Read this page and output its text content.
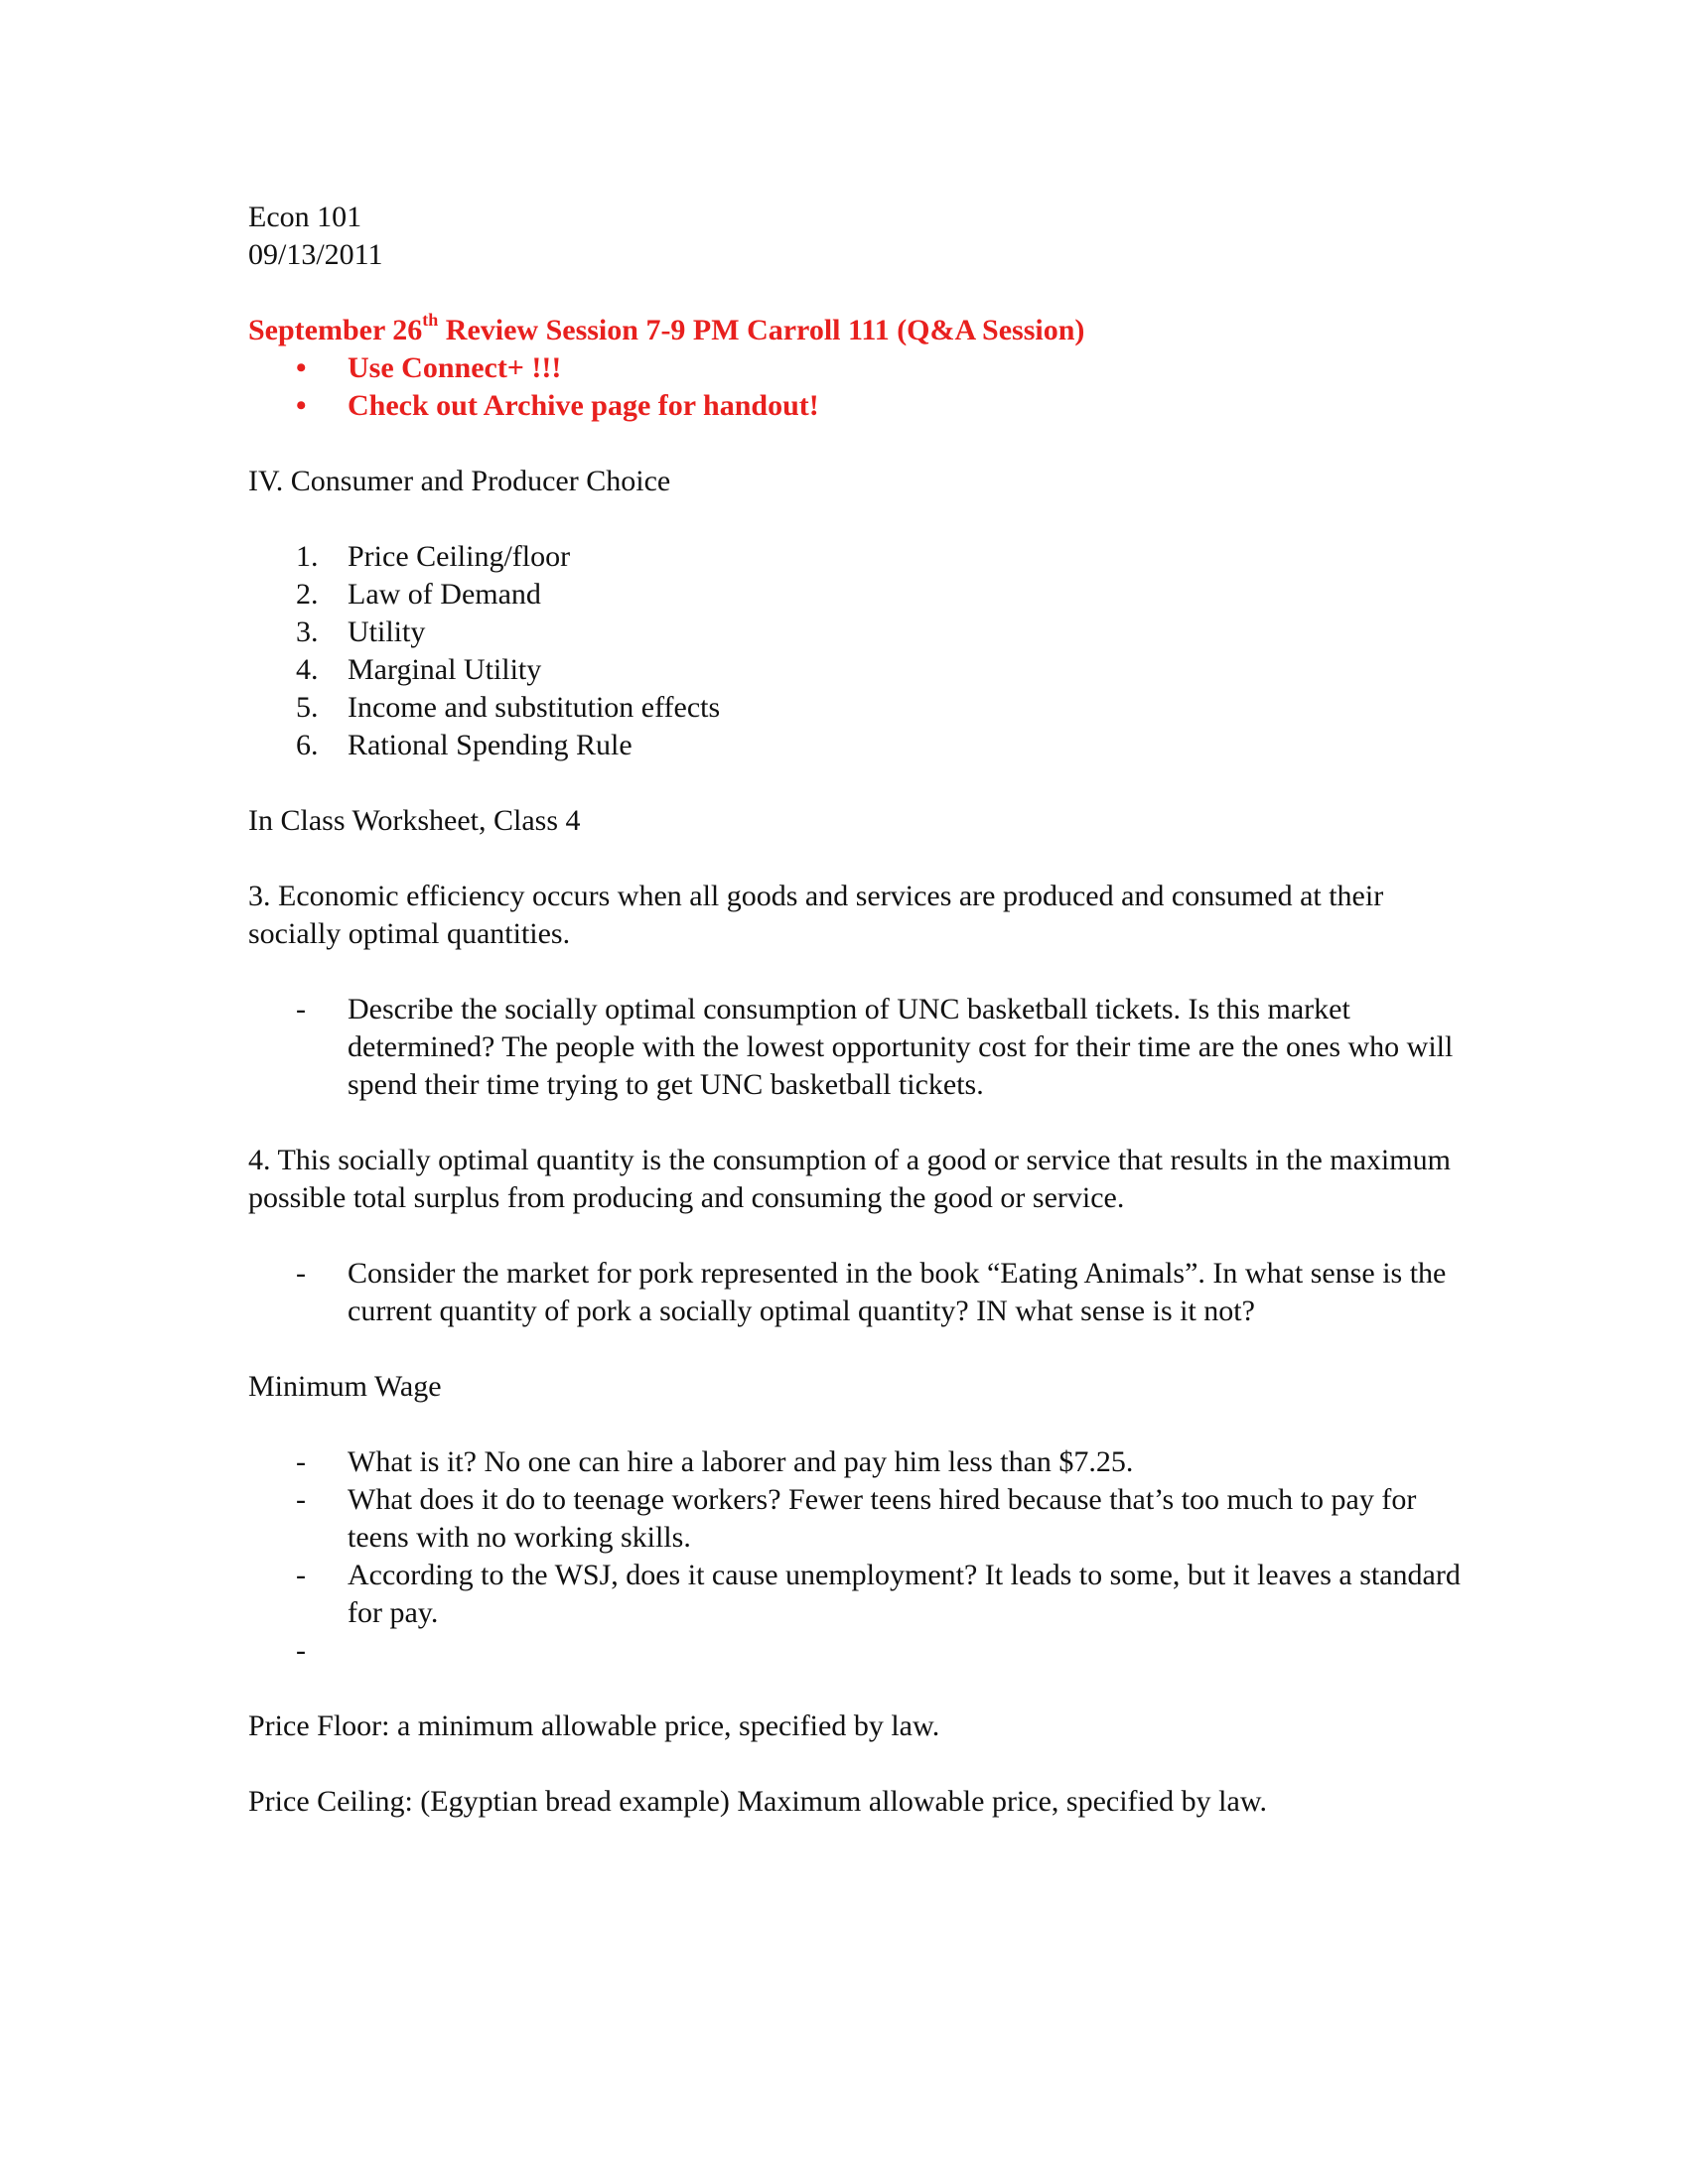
Econ 101

09/13/2011

September 26th Review Session 7-9 PM Carroll 111 (Q&A Session)

•	Use Connect+ !!!
•	Check out Archive page for handout!

IV. Consumer and Producer Choice

1. Price Ceiling/floor
2. Law of Demand
3. Utility
4. Marginal Utility
5. Income and substitution effects
6. Rational Spending Rule

In Class Worksheet, Class 4

3. Economic efficiency occurs when all goods and services are produced and consumed at their socially optimal quantities.

-	Describe the socially optimal consumption of UNC basketball tickets. Is this market determined? The people with the lowest opportunity cost for their time are the ones who will spend their time trying to get UNC basketball tickets.

4. This socially optimal quantity is the consumption of a good or service that results in the maximum possible total surplus from producing and consuming the good or service.

-	Consider the market for pork represented in the book “Eating Animals”. In what sense is the current quantity of pork a socially optimal quantity? IN what sense is it not?

Minimum Wage

-	What is it? No one can hire a laborer and pay him less than $7.25.
-	What does it do to teenage workers? Fewer teens hired because that’s too much to pay for teens with no working skills.
-	According to the WSJ, does it cause unemployment? It leads to some, but it leaves a standard for pay.
-

Price Floor: a minimum allowable price, specified by law.

Price Ceiling: (Egyptian bread example) Maximum allowable price, specified by law.
